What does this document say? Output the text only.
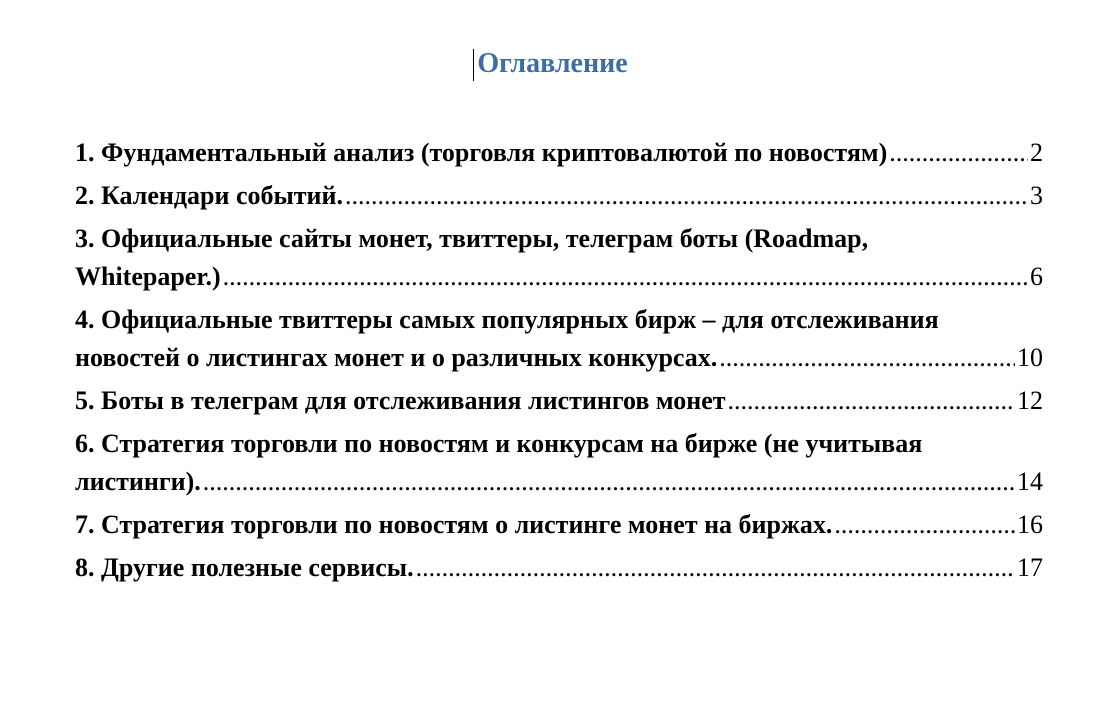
Оглавление
1. Фундаментальный анализ (торговля криптовалютой по новостям) .....	2
2. Календари событий. .....	3
3. Официальные сайты монет, твиттеры, телеграм боты (Roadmap,
Whitepaper.) .....	6
4. Официальные твиттеры самых популярных бирж – для отслеживания
новостей о листингах монет и о различных конкурсах. .....	10
5. Боты в телеграм для отслеживания листингов монет .....	12
6. Стратегия торговли по новостям и конкурсам на бирже (не учитывая
листинги). .....	14
7. Стратегия торговли по новостям о листинге монет на биржах. .....	16
8. Другие полезные сервисы. .....	17
